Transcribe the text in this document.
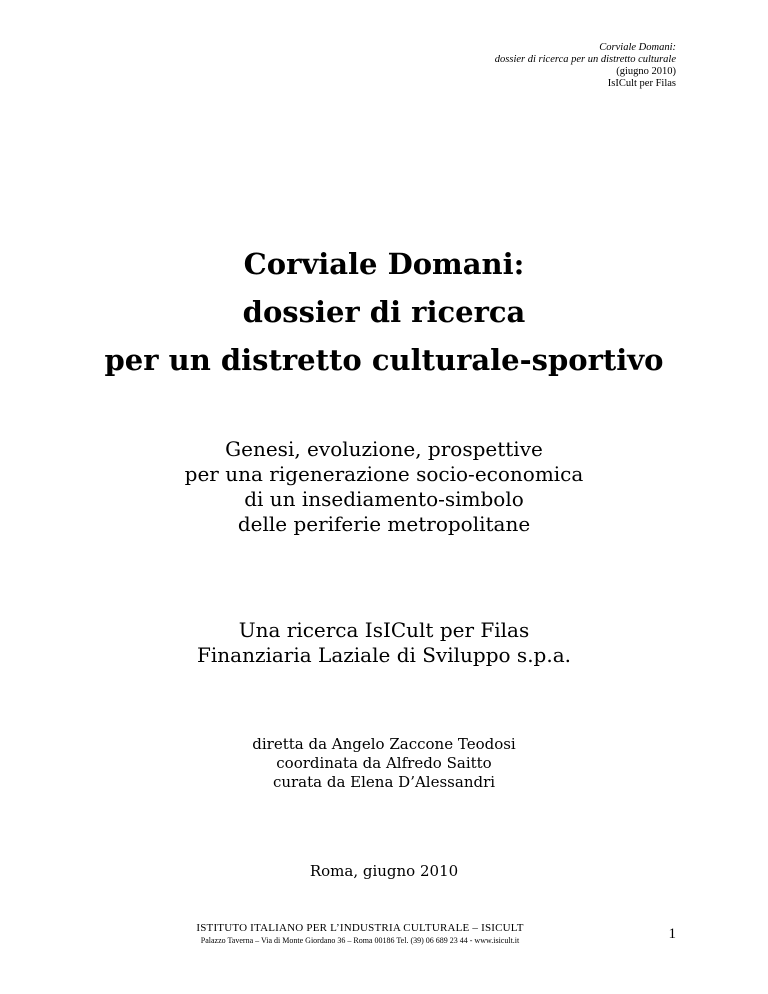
Corviale Domani:
dossier di ricerca per un distretto culturale
(giugno 2010)
IsICult per Filas

Corviale Domani:

dossier di ricerca

per un distretto culturale-sportivo

Genesi, evoluzione, prospettive
per una rigenerazione socio-economica
di un insediamento-simbolo
delle periferie metropolitane
Una ricerca IsICult per Filas
Finanziaria Laziale di Sviluppo s.p.a.
diretta da Angelo Zaccone Teodosi
coordinata da Alfredo Saitto
curata da Elena D’Alessandri
Roma, giugno 2010
ISTITUTO ITALIANO PER L’INDUSTRIA CULTURALE – ISICULT
Palazzo Taverna – Via di Monte Giordano 36 – Roma 00186 Tel. (39) 06 689 23 44 - www.isicult.it	1
